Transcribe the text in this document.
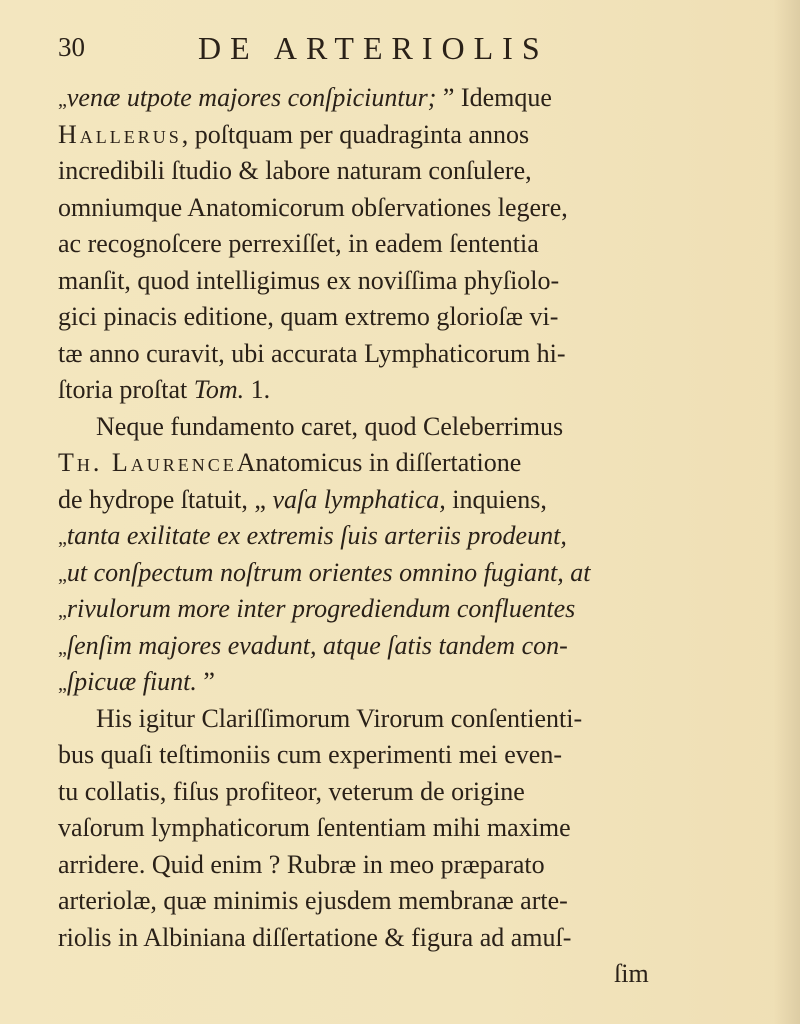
30	DE ARTERIOLIS
„venæ utpote majores conſpiciuntur; ” Idemque
Hallerus, poſtquam per quadraginta annos
incredibili ſtudio & labore naturam conſulere,
omniumque Anatomicorum obſervationes legere,
ac recognoſcere perrexiſſet, in eadem ſententia
manſit, quod intelligimus ex noviſſima phyſiolo-
gici pinacis editione, quam extremo glorioſæ vi-
tæ anno curavit, ubi accurata Lymphaticorum hi-
ſtoria proſtat Tom. 1.
Neque fundamento caret, quod Celeberrimus
Th. LaurenceAnatomicus in diſſertatione
de hydrope ſtatuit, „ vaſa lymphatica, inquiens,
„tanta exilitate ex extremis ſuis arteriis prodeunt,
„ut conſpectum noſtrum orientes omnino fugiant, at
„rivulorum more inter progrediendum confluentes
„ſenſim majores evadunt, atque ſatis tandem con-
„ſpicuæ fiunt. ”
His igitur Clariſſimorum Virorum conſentienti-
bus quaſi teſtimoniis cum experimenti mei even-
tu collatis, fiſus profiteor, veterum de origine
vaſorum lymphaticorum ſententiam mihi maxime
arridere. Quid enim ? Rubræ in meo præparato
arteriolæ, quæ minimis ejusdem membranæ arte-
riolis in Albiniana diſſertatione & figura ad amuſ-
ſim
